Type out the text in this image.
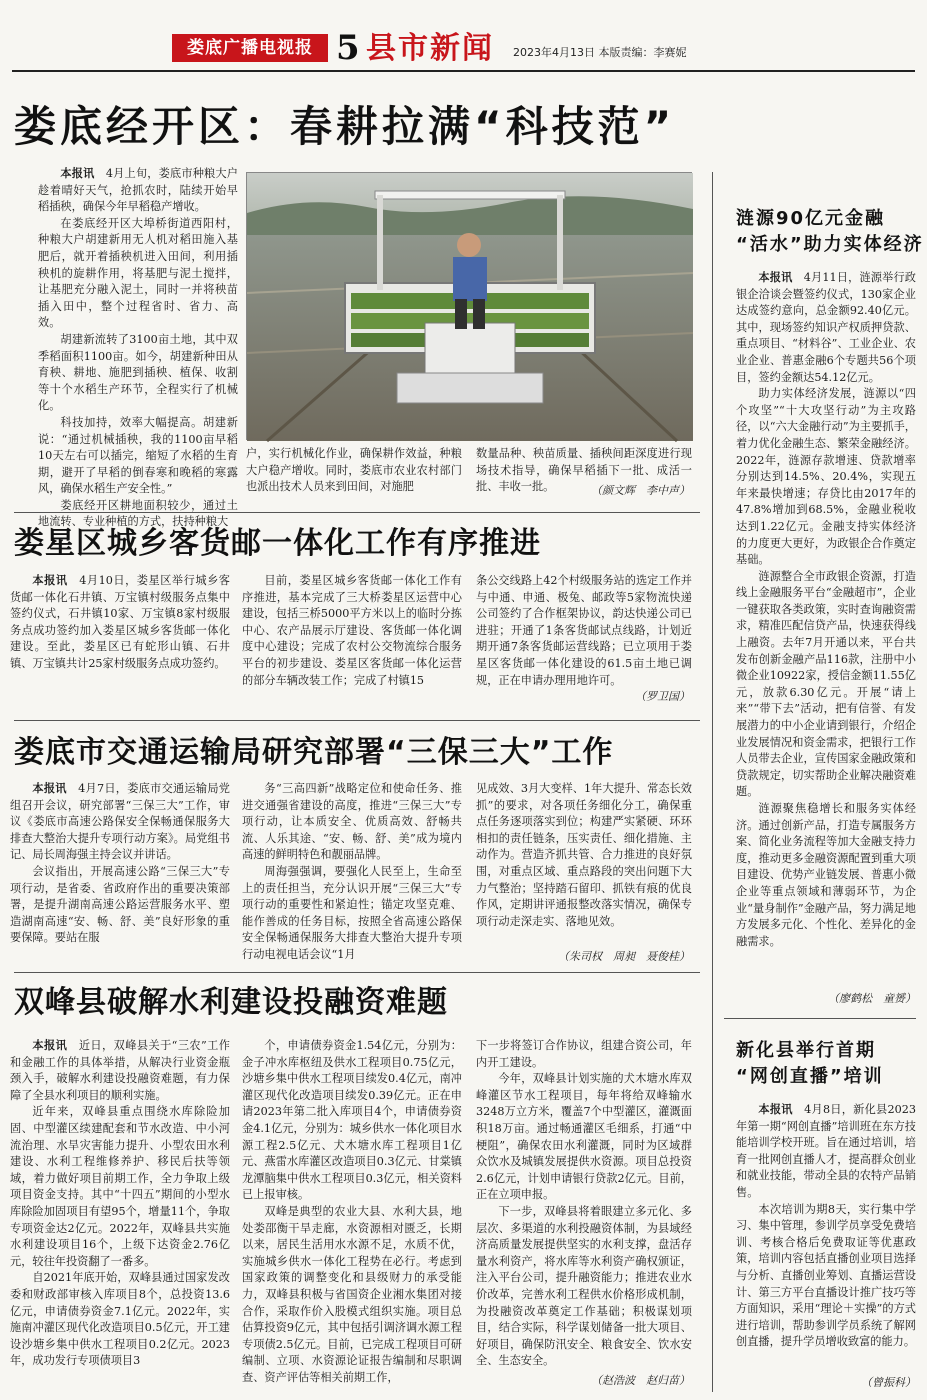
娄底广播电视报 5 县市新闻 2023年4月13日 本版责编：李赛妮
娄底经开区：春耕拉满“科技范”

本报讯　 4月上旬，娄底市种粮大户趁着晴好天气，抢抓农时，陆续开始早稻插秧，确保今年早稻稳产增收。

在娄底经开区大埠桥街道西阳村，种粮大户胡建新用无人机对稻田施入基肥后，就开着插秧机进入田间，利用插秧机的旋耕作用，将基肥与泥土搅拌，让基肥充分融入泥土，同时一并将秧苗插入田中，整个过程省时、省力、高效。

胡建新流转了3100亩土地，其中双季稻面积1100亩。如今，胡建新种田从育秧、耕地、施肥到插秧、植保、收割等十个水稻生产环节，全程实行了机械化。

科技加持，效率大幅提高。胡建新说：“通过机械插秧，我的1100亩早稻10天左右可以插完，缩短了水稻的生育期，避开了早稻的倒春寒和晚稻的寒露风，确保水稻生产安全性。”

娄底经开区耕地面积较少，通过土地流转、专业种植的方式，扶持种粮大

户，实行机械化作业，确保耕作效益，种粮大户稳产增收。同时，娄底市农业农村部门也派出技术人员来到田间，对施肥
数量品种、秧苗质量、插秧间距深度进行现场技术指导，确保早稻插下一批、成活一批、丰收一批。	（颜文辉　李中声）
娄星区城乡客货邮一体化工作有序推进

本报讯　 4月10日，娄星区举行城乡客货邮一体化石井镇、万宝镇村级服务点集中签约仪式，石井镇10家、万宝镇8家村级服务点成功签约加入娄星区城乡客货邮一体化建设。至此，娄星区已有蛇形山镇、石井镇、万宝镇共计25家村级服务点成功签约。

目前，娄星区城乡客货邮一体化工作有序推进，基本完成了三大桥娄星区运营中心建设，包括三桥5000平方米以上的临时分拣中心、农产品展示厅建设、客货邮一体化调度中心建设；完成了农村公交物流综合服务平台的初步建设、娄星区客货邮一体化运营的部分车辆改装工作；完成了村镇15

条公交线路上42个村级服务站的选定工作并与中通、申通、极兔、邮政等5家物流快递公司签约了合作框架协议，韵达快递公司已进驻；开通了1条客货邮试点线路，计划近期开通7条客货邮运营线路；已立项用于娄星区客货邮一体化建设的61.5亩土地已调规，正在申请办理用地许可。
（罗卫国）
娄底市交通运输局研究部署“三保三大”工作

本报讯　 4月7日，娄底市交通运输局党组召开会议，研究部署“三保三大”工作，审议《娄底市高速公路保安全保畅通保服务大排查大整治大提升专项行动方案》。局党组书记、局长周海强主持会议并讲话。

会议指出，开展高速公路“三保三大”专项行动，是省委、省政府作出的重要决策部署，是提升湖南高速公路运营服务水平、塑造湖南高速“安、畅、舒、美”良好形象的重要保障。要站在服

务“三高四新”战略定位和使命任务、推进交通强省建设的高度，推进“三保三大”专项行动，让本质安全、优质高效、舒畅共流、人乐其途、“安、畅、舒、美”成为境内高速的鲜明特色和靓丽品牌。

周海强强调，要强化人民至上，生命至上的责任担当，充分认识开展“三保三大”专项行动的重要性和紧迫性；锚定攻坚克难、能作善成的任务目标，按照全省高速公路保安全保畅通保服务大排查大整治大提升专项行动电视电话会议“1月

见成效、3月大变样、1年大提升、常态长效抓”的要求，对各项任务细化分工，确保重点任务逐项落实到位；构建严实紧硬、环环相扣的责任链条，压实责任、细化措施、主动作为。营造齐抓共管、合力推进的良好氛围，对重点区域、重点路段的突出问题下大力气整治；坚持踏石留印、抓铁有痕的优良作风，定期讲评通报整改落实情况，确保专项行动走深走实、落地见效。
（朱司权　周昶　聂俊桂）
双峰县破解水利建设投融资难题

本报讯　 近日，双峰县关于“三农”工作和金融工作的具体举措，从解决行业资金瓶颈入手，破解水利建设投融资难题，有力保障了全县水利项目的顺利实施。

近年来，双峰县重点围绕水库除险加固、中型灌区续建配套和节水改造、中小河流治理、水旱灾害能力提升、小型农田水利建设、水利工程维修养护、移民后扶等领域，着力做好项目前期工作，全力争取上级项目资金支持。其中“十四五”期间的小型水库除险加固项目有望95个，增量11个，争取专项资金达2亿元。2022年，双峰县共实施水利建设项目16个，上级下达资金2.76亿元，较往年投资翻了一番多。

自2021年底开始，双峰县通过国家发改委和财政部审核入库项目8个，总投资13.6亿元，申请债券资金7.1亿元。2022年，实施南冲灌区现代化改造项目0.5亿元，开工建设沙塘乡集中供水工程项目0.2亿元。2023年，成功发行专项债项目3

个，申请债券资金1.54亿元，分别为：金子冲水库枢纽及供水工程项目0.75亿元，沙塘乡集中供水工程项目续发0.4亿元，南冲灌区现代化改造项目续发0.39亿元。正在申请2023年第二批入库项目4个，申请债券资金4.1亿元，分别为：城乡供水一体化项目水源工程2.5亿元、犬木塘水库工程项目1亿元、燕雷水库灌区改造项目0.3亿元、甘棠镇龙潭脑集中供水工程项目0.3亿元，相关资料已上报审核。

双峰是典型的农业大县、水利大县，地处娄邵衡干旱走廊，水资源相对匮乏，长期以来，居民生活用水水源不足，水质不优，实施城乡供水一体化工程势在必行。考虑到国家政策的调整变化和县级财力的承受能力，双峰县积极与省国资企业湘水集团对接合作，采取作价入股模式组织实施。项目总估算投资9亿元，其中包括引调济调水源工程专项债2.5亿元。目前，已完成工程项目可研编制、立项、水资源论证报告编制和尽职调查、资产评估等相关前期工作，

下一步将签订合作协议，组建合资公司，年内开工建设。

今年，双峰县计划实施的犬木塘水库双峰灌区节水工程项目，每年将给双峰输水3248万立方米，覆盖7个中型灌区，灌溉面积18万亩。通过畅通灌区毛细系，打通“中梗阻”，确保农田水利灌溉，同时为区域群众饮水及城镇发展提供水资源。项目总投资2.6亿元，计划申请银行贷款2亿元。目前，正在立项申报。

下一步，双峰县将着眼建立多元化、多层次、多渠道的水利投融资体制，为县域经济高质量发展提供坚实的水利支撑，盘活存量水利资产，将水库等水利资产确权颁证，注入平台公司，提升融资能力；推进农业水价改革，完善水利工程供水价格形成机制，为投融资改革奠定工作基础；积极谋划项目，结合实际，科学谋划储备一批大项目、好项目，确保防汛安全、粮食安全、饮水安全、生态安全。

（赵浩波　赵归苗）
涟源90亿元金融
“活水”助力实体经济

本报讯　 4月11日，涟源举行政银企洽谈会暨签约仪式，130家企业达成签约意向，总金额92.40亿元。其中，现场签约知识产权质押贷款、重点项目、“材料谷”、工业企业、农业企业、普惠金融6个专题共56个项目，签约金额达54.12亿元。

助力实体经济发展，涟源以“四个攻坚”“十大攻坚行动”为主攻路径，以“六大金融行动”为主要抓手，着力优化金融生态、繁荣金融经济。2022年，涟源存款增速、贷款增率分别达到14.5%、20.4%，实现五年来最快增速；存贷比由2017年的47.8%增加到68.5%，金融业税收达到1.22亿元。金融支持实体经济的力度更大更好，为政银企合作奠定基础。

涟源整合全市政银企资源，打造线上金融服务平台“金融超市”，企业一键获取各类政策，实时查询融资需求，精准匹配信贷产品，快速获得线上融资。去年7月开通以来，平台共发布创新金融产品116款，注册中小微企业10922家，授信金额11.55亿元，放款6.30亿元。开展“请上来”“带下去”活动，把有信誉、有发展潜力的中小企业请到银行，介绍企业发展情况和资金需求，把银行工作人员带去企业，宣传国家金融政策和贷款规定，切实帮助企业解决融资难题。

涟源聚焦稳增长和服务实体经济。通过创新产品，打造专属服务方案、简化业务流程等加大金融支持力度，推动更多金融资源配置到重大项目建设、优势产业链发展、普惠小微企业等重点领域和薄弱环节，为企业“量身制作”金融产品，努力满足地方发展多元化、个性化、差异化的金融需求。

（廖鹤松　童赟）
新化县举行首期
“网创直播”培训

本报讯　 4月8日，新化县2023年第一期“网创直播”培训班在东方技能培训学校开班。旨在通过培训，培育一批网创直播人才，提高群众创业和就业技能，带动全县的农特产品销售。

本次培训为期8天，实行集中学习、集中管理，参训学员享受免费培训、考核合格后免费取证等优惠政策，培训内容包括直播创业项目选择与分析、直播创业筹划、直播运营设计、第三方平台直播设计推广技巧等方面知识，采用“理论＋实操”的方式进行培训，帮助参训学员系统了解网创直播，提升学员增收致富的能力。

（曾振科）
